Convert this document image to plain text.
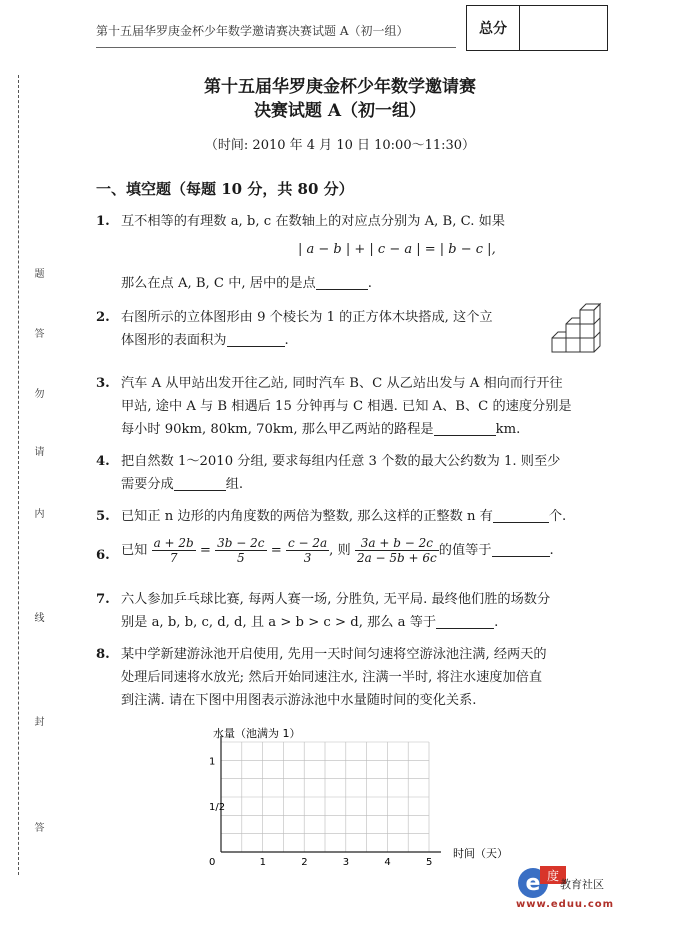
第十五届华罗庚金杯少年数学邀请赛决赛试题 A（初一组）	总分
答
封
线
内
请
勿
答
题
第十五届华罗庚金杯少年数学邀请赛
决赛试题 A（初一组）
（时间: 2010 年 4 月 10 日 10:00～11:30）
一、填空题（每题 10 分，共 80 分）
1. 互不相等的有理数 a, b, c 在数轴上的对应点分别为 A, B, C. 如果
| a − b | + | c − a | = | b − c |,
那么在点 A, B, C 中, 居中的是点	.
2. 右图所示的立体图形由 9 个棱长为 1 的正方体木块搭成, 这个立
体图形的表面积为	.
3. 汽车 A 从甲站出发开往乙站, 同时汽车 B、C 从乙站出发与 A 相向而行开往
甲站, 途中 A 与 B 相遇后 15 分钟再与 C 相遇. 已知 A、B、C 的速度分别是
每小时 90km, 80km, 70km, 那么甲乙两站的路程是	km.
4. 把自然数 1～2010 分组, 要求每组内任意 3 个数的最大公约数为 1. 则至少
需要分成	组.
5. 已知正 n 边形的内角度数的两倍为整数, 那么这样的正整数 n 有	个.
6. 已知 $\frac{a + 2b}{7} = \frac{3b - 2c}{5} = \frac{c - 2a}{3}$ , 则 $\frac{3a + b - 2c}{2a - 5b + 6c}$ 的值等于	.
7. 六人参加乒乓球比赛, 每两人赛一场, 分胜负, 无平局. 最终他们胜的场数分
别是 a, b, b, c, d, d, 且 a > b > c > d, 那么 a 等于	.
8. 某中学新建游泳池开启使用, 先用一天时间匀速将空游泳池注满, 经两天的
处理后同速将水放光; 然后开始同速注水, 注满一半时, 将注水速度加倍直
到注满. 请在下图中用图表示游泳池中水量随时间的变化关系.
水量（池满为 1）
时间（天）
0	1	2	3	4	5
1
1/2
e 度
教育社区
www.eduu.com
